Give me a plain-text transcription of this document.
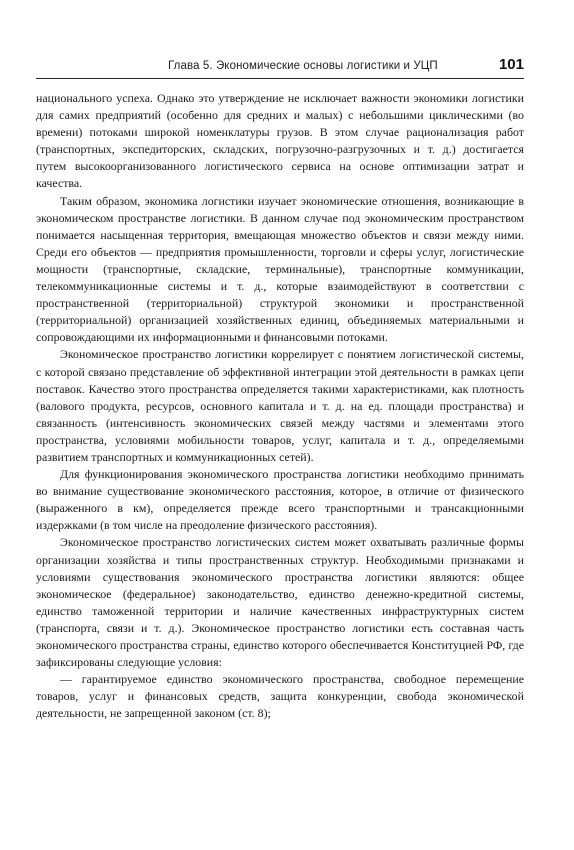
Глава 5. Экономические основы логистики и УЦП	101

национального успеха. Однако это утверждение не исключает важности экономики логистики для самих предприятий (особенно для средних и малых) с небольшими циклическими (во времени) потоками широкой номенклатуры грузов. В этом случае рационализация работ (транспортных, экспедиторских, складских, погрузочно-разгрузочных и т. д.) достигается путем высокоорганизованного логистического сервиса на основе оптимизации затрат и качества.

Таким образом, экономика логистики изучает экономические отношения, возникающие в экономическом пространстве логистики. В данном случае под экономическим пространством понимается насыщенная территория, вмещающая множество объектов и связи между ними. Среди его объектов — предприятия промышленности, торговли и сферы услуг, логистические мощности (транспортные, складские, терминальные), транспортные коммуникации, телекоммуникационные системы и т. д., которые взаимодействуют в соответствии с пространственной (территориальной) структурой экономики и пространственной (территориальной) организацией хозяйственных единиц, объединяемых материальными и сопровождающими их информационными и финансовыми потоками.

Экономическое пространство логистики коррелирует с понятием логистической системы, с которой связано представление об эффективной интеграции этой деятельности в рамках цепи поставок. Качество этого пространства определяется такими характеристиками, как плотность (валового продукта, ресурсов, основного капитала и т. д. на ед. площади пространства) и связанность (интенсивность экономических связей между частями и элементами этого пространства, условиями мобильности товаров, услуг, капитала и т. д., определяемыми развитием транспортных и коммуникационных сетей).

Для функционирования экономического пространства логистики необходимо принимать во внимание существование экономического расстояния, которое, в отличие от физического (выраженного в км), определяется прежде всего транспортными и трансакционными издержками (в том числе на преодоление физического расстояния).

Экономическое пространство логистических систем может охватывать различные формы организации хозяйства и типы пространственных структур. Необходимыми признаками и условиями существования экономического пространства логистики являются: общее экономическое (федеральное) законодательство, единство денежно-кредитной системы, единство таможенной территории и наличие качественных инфраструктурных систем (транспорта, связи и т. д.). Экономическое пространство логистики есть составная часть экономического пространства страны, единство которого обеспечивается Конституцией РФ, где зафиксированы следующие условия:

— гарантируемое единство экономического пространства, свободное перемещение товаров, услуг и финансовых средств, защита конкуренции, свобода экономической деятельности, не запрещенной законом (ст. 8);
